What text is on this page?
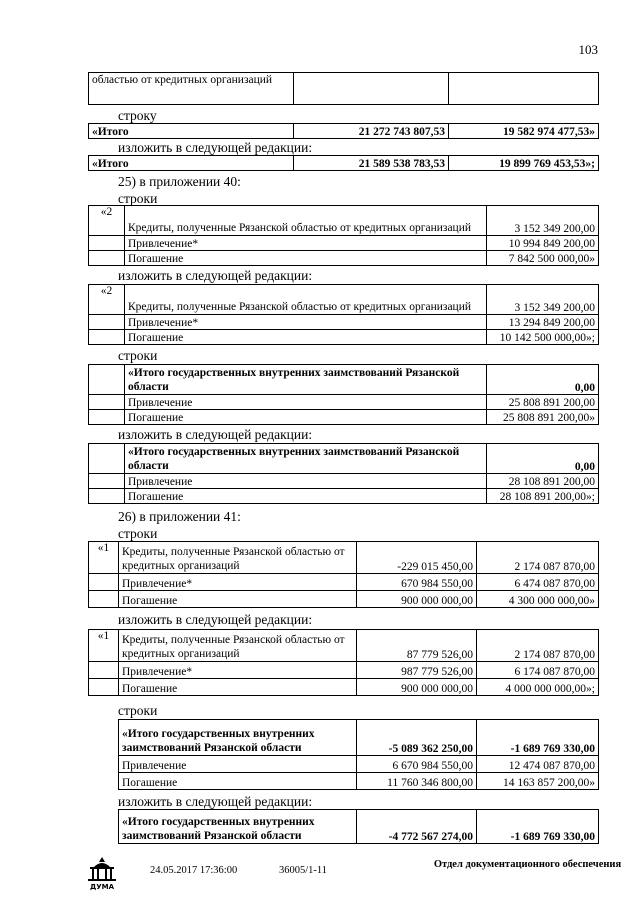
103
областью от кредитных организаций		
строку
«Итого	21 272 743 807,53	19 582 974 477,53»
изложить в следующей редакции:
«Итого	21 589 538 783,53	19 899 769 453,53»;
25) в приложении 40:
строки
«2	Кредиты, полученные Рязанской областью от кредитных организаций	3 152 349 200,00
	Привлечение*	10 994 849 200,00
	Погашение	7 842 500 000,00»
изложить в следующей редакции:
«2	Кредиты, полученные Рязанской областью от кредитных организаций	3 152 349 200,00
	Привлечение*	13 294 849 200,00
	Погашение	10 142 500 000,00»;
строки
	«Итого государственных внутренних заимствований Рязанской области	0,00
	Привлечение	25 808 891 200,00
	Погашение	25 808 891 200,00»
изложить в следующей редакции:
	«Итого государственных внутренних заимствований Рязанской области	0,00
	Привлечение	28 108 891 200,00
	Погашение	28 108 891 200,00»;
26) в приложении 41:
строки
«1	Кредиты, полученные Рязанской областью от кредитных организаций	-229 015 450,00	2 174 087 870,00
	Привлечение*	670 984 550,00	6 474 087 870,00
	Погашение	900 000 000,00	4 300 000 000,00»
изложить в следующей редакции:
«1	Кредиты, полученные Рязанской областью от кредитных организаций	87 779 526,00	2 174 087 870,00
	Привлечение*	987 779 526,00	6 174 087 870,00
	Погашение	900 000 000,00	4 000 000 000,00»;
строки
«Итого государственных внутренних заимствований Рязанской области	-5 089 362 250,00	-1 689 769 330,00
Привлечение	6 670 984 550,00	12 474 087 870,00
Погашение	11 760 346 800,00	14 163 857 200,00»
изложить в следующей редакции:
«Итого государственных внутренних заимствований Рязанской области	-4 772 567 274,00	-1 689 769 330,00
ДУМА
24.05.2017 17:36:00	36005/1-11
Отдел документационного обеспечения
